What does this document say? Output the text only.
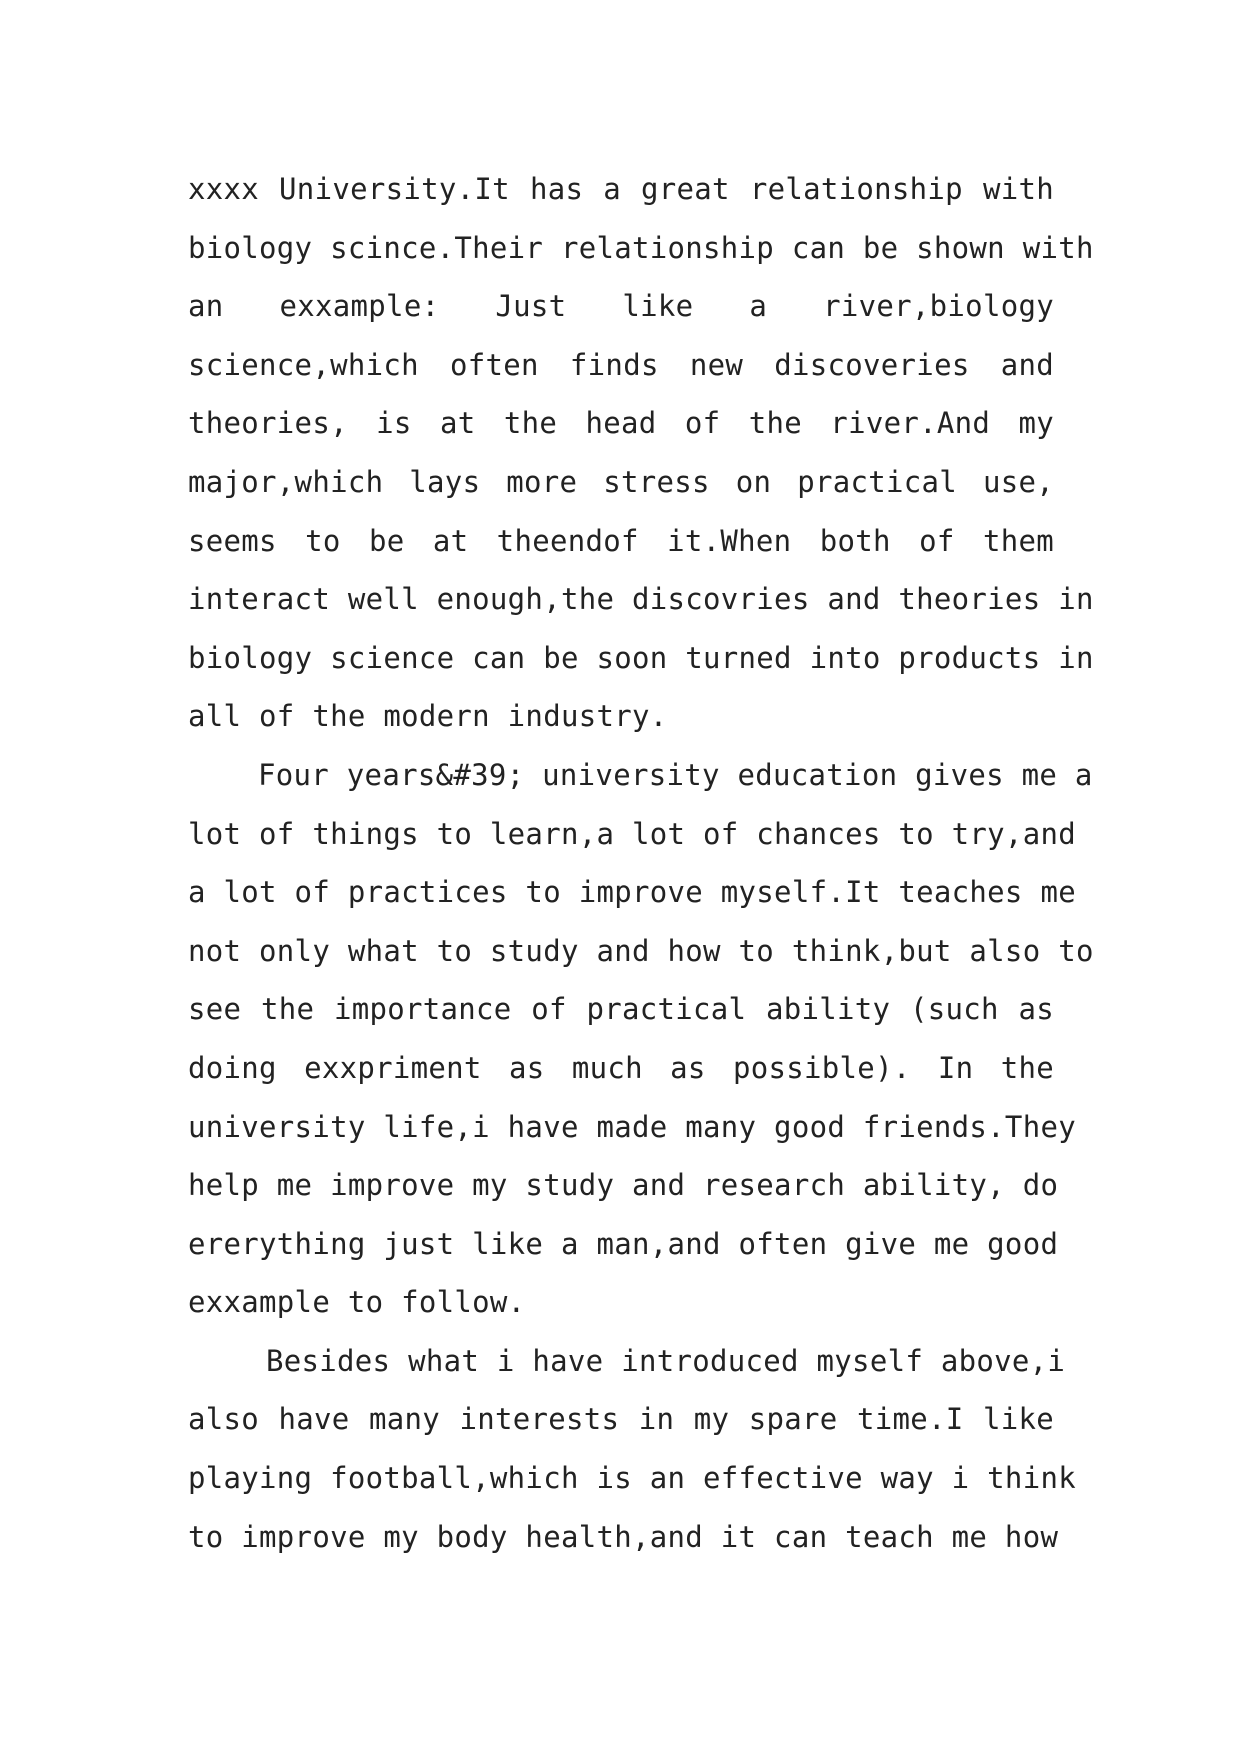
xxxx University.It has a great relationship with
biology scince.Their relationship can be shown with
an exxample: Just like a river,biology
science,which often finds new discoveries and
theories, is at the head of the river.And my
major,which lays more stress on practical use,
seems to be at theendof it.When both of them
interact well enough,the discovries and theories in
biology science can be soon turned into products in
all of the modern industry.
Four years&#39; university education gives me a
lot of things to learn,a lot of chances to try,and
a lot of practices to improve myself.It teaches me
not only what to study and how to think,but also to
see the importance of practical ability (such as
doing exxpriment as much as possible). In the
university life,i have made many good friends.They
help me improve my study and research ability, do
ererything just like a man,and often give me good
exxample to follow.
Besides what i have introduced myself above,i
also have many interests in my spare time.I like
playing football,which is an effective way i think
to improve my body health,and it can teach me how
